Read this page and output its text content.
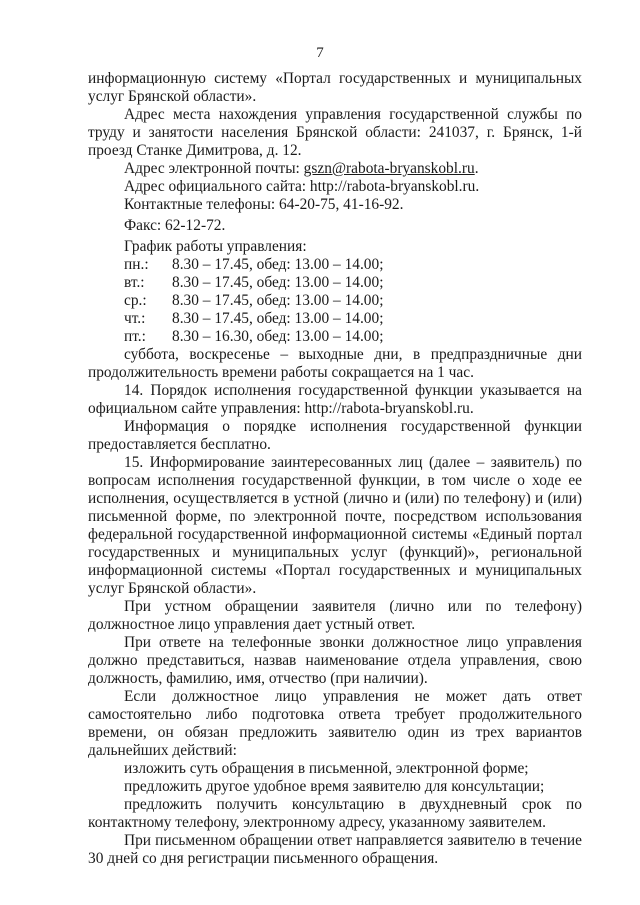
7

информационную систему «Портал государственных и муниципальных услуг Брянской области».

Адрес места нахождения управления государственной службы по труду и занятости населения Брянской области: 241037, г. Брянск, 1-й проезд Станке Димитрова, д. 12.

Адрес электронной почты: gszn@rabota-bryanskobl.ru.

Адрес официального сайта: http://rabota-bryanskobl.ru.

Контактные телефоны: 64-20-75, 41-16-92.

Факс: 62-12-72.

График работы управления:

пн.: 8.30 – 17.45, обед: 13.00 – 14.00;
вт.: 8.30 – 17.45, обед: 13.00 – 14.00;
ср.: 8.30 – 17.45, обед: 13.00 – 14.00;
чт.: 8.30 – 17.45, обед: 13.00 – 14.00;
пт.: 8.30 – 16.30, обед: 13.00 – 14.00;

суббота, воскресенье – выходные дни, в предпраздничные дни продолжительность времени работы сокращается на 1 час.

14. Порядок исполнения государственной функции указывается на официальном сайте управления: http://rabota-bryanskobl.ru.

Информация о порядке исполнения государственной функции предоставляется бесплатно.

15. Информирование заинтересованных лиц (далее – заявитель) по вопросам исполнения государственной функции, в том числе о ходе ее исполнения, осуществляется в устной (лично и (или) по телефону) и (или) письменной форме, по электронной почте, посредством использования федеральной государственной информационной системы «Единый портал государственных и муниципальных услуг (функций)», региональной информационной системы «Портал государственных и муниципальных услуг Брянской области».

При устном обращении заявителя (лично или по телефону) должностное лицо управления дает устный ответ.

При ответе на телефонные звонки должностное лицо управления должно представиться, назвав наименование отдела управления, свою должность, фамилию, имя, отчество (при наличии).

Если должностное лицо управления не может дать ответ самостоятельно либо подготовка ответа требует продолжительного времени, он обязан предложить заявителю один из трех вариантов дальнейших действий:

изложить суть обращения в письменной, электронной форме;

предложить другое удобное время заявителю для консультации;

предложить получить консультацию в двухдневный срок по контактному телефону, электронному адресу, указанному заявителем.

При письменном обращении ответ направляется заявителю в течение 30 дней со дня регистрации письменного обращения.
